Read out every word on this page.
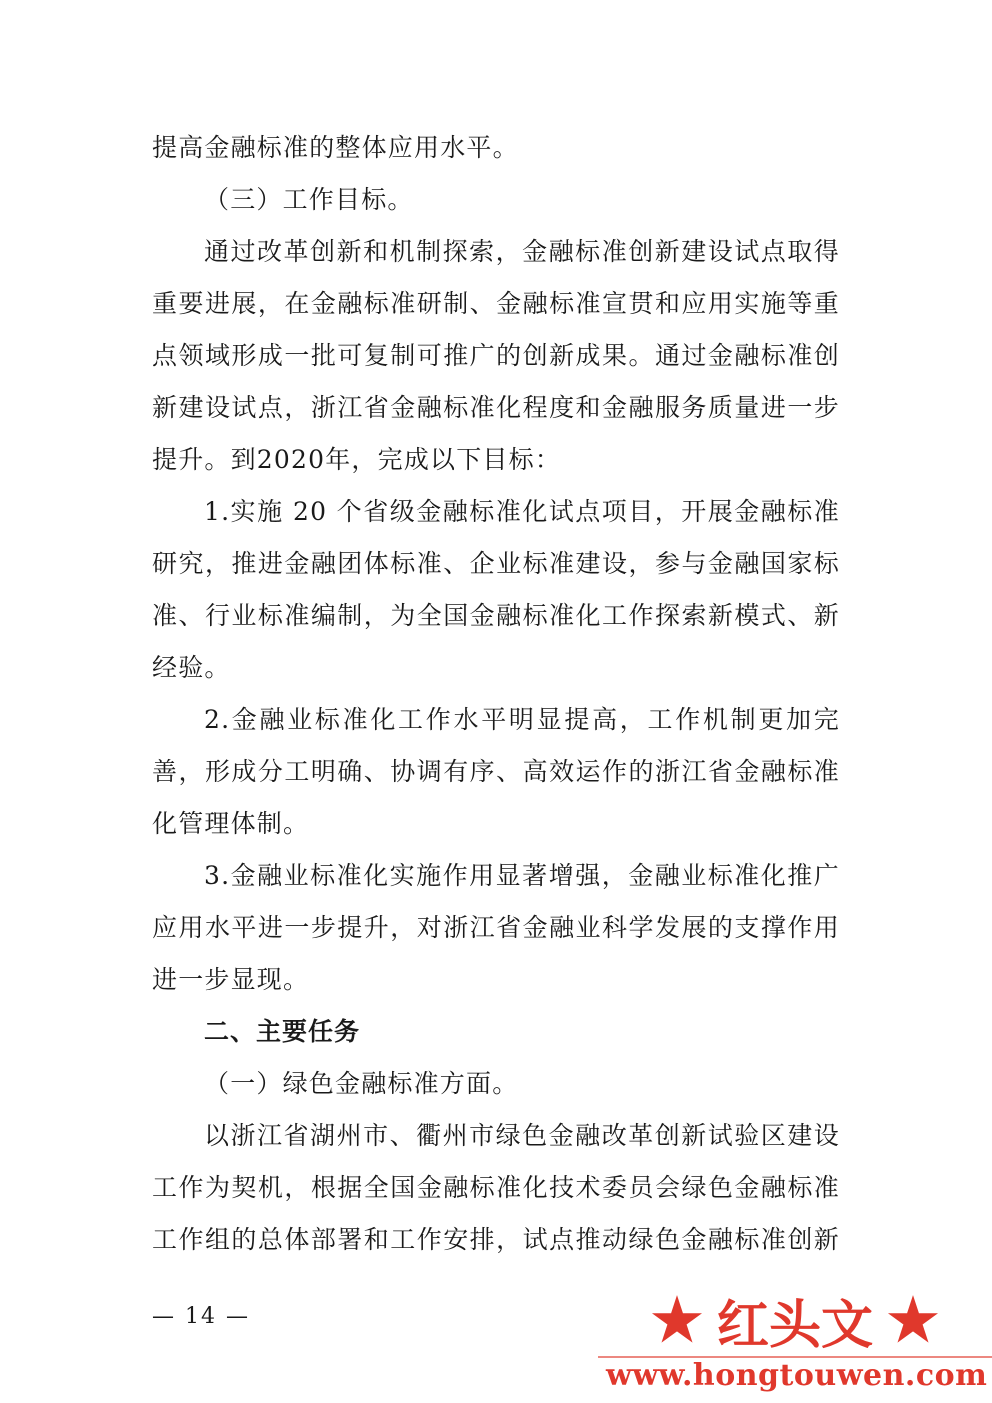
提高金融标准的整体应用水平。
（三）工作目标。
通过改革创新和机制探索，金融标准创新建设试点取得
重要进展，在金融标准研制、金融标准宣贯和应用实施等重
点领域形成一批可复制可推广的创新成果。通过金融标准创
新建设试点，浙江省金融标准化程度和金融服务质量进一步
提升。到2020年，完成以下目标：
1.实施 20 个省级金融标准化试点项目，开展金融标准
研究，推进金融团体标准、企业标准建设，参与金融国家标
准、行业标准编制，为全国金融标准化工作探索新模式、新
经验。
2.金融业标准化工作水平明显提高，工作机制更加完
善，形成分工明确、协调有序、高效运作的浙江省金融标准
化管理体制。
3.金融业标准化实施作用显著增强，金融业标准化推广
应用水平进一步提升，对浙江省金融业科学发展的支撑作用
进一步显现。
二、主要任务
（一）绿色金融标准方面。
以浙江省湖州市、衢州市绿色金融改革创新试验区建设
工作为契机，根据全国金融标准化技术委员会绿色金融标准
工作组的总体部署和工作安排，试点推动绿色金融标准创新
— 14 —	★ 红头文 ★
www.hongtouwen.com
